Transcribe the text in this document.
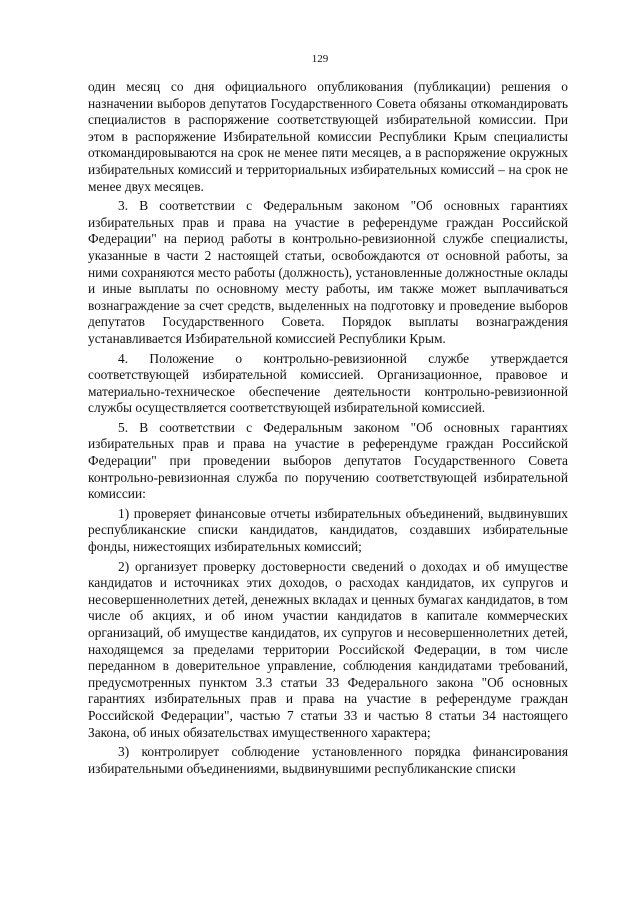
129

один месяц со дня официального опубликования (публикации) решения о назначении выборов депутатов Государственного Совета обязаны откомандировать специалистов в распоряжение соответствующей избирательной комиссии. При этом в распоряжение Избирательной комиссии Республики Крым специалисты откомандировываются на срок не менее пяти месяцев, а в распоряжение окружных избирательных комиссий и территориальных избирательных комиссий – на срок не менее двух месяцев.

3. В соответствии с Федеральным законом "Об основных гарантиях избирательных прав и права на участие в референдуме граждан Российской Федерации" на период работы в контрольно-ревизионной службе специалисты, указанные в части 2 настоящей статьи, освобождаются от основной работы, за ними сохраняются место работы (должность), установленные должностные оклады и иные выплаты по основному месту работы, им также может выплачиваться вознаграждение за счет средств, выделенных на подготовку и проведение выборов депутатов Государственного Совета. Порядок выплаты вознаграждения устанавливается Избирательной комиссией Республики Крым.

4. Положение о контрольно-ревизионной службе утверждается соответствующей избирательной комиссией. Организационное, правовое и материально-техническое обеспечение деятельности контрольно-ревизионной службы осуществляется соответствующей избирательной комиссией.

5. В соответствии с Федеральным законом "Об основных гарантиях избирательных прав и права на участие в референдуме граждан Российской Федерации" при проведении выборов депутатов Государственного Совета контрольно-ревизионная служба по поручению соответствующей избирательной комиссии:

1) проверяет финансовые отчеты избирательных объединений, выдвинувших республиканские списки кандидатов, кандидатов, создавших избирательные фонды, нижестоящих избирательных комиссий;

2) организует проверку достоверности сведений о доходах и об имуществе кандидатов и источниках этих доходов, о расходах кандидатов, их супругов и несовершеннолетних детей, денежных вкладах и ценных бумагах кандидатов, в том числе об акциях, и об ином участии кандидатов в капитале коммерческих организаций, об имуществе кандидатов, их супругов и несовершеннолетних детей, находящемся за пределами территории Российской Федерации, в том числе переданном в доверительное управление, соблюдения кандидатами требований, предусмотренных пунктом 3.3 статьи 33 Федерального закона "Об основных гарантиях избирательных прав и права на участие в референдуме граждан Российской Федерации", частью 7 статьи 33 и частью 8 статьи 34 настоящего Закона, об иных обязательствах имущественного характера;

3) контролирует соблюдение установленного порядка финансирования избирательными объединениями, выдвинувшими республиканские списки
